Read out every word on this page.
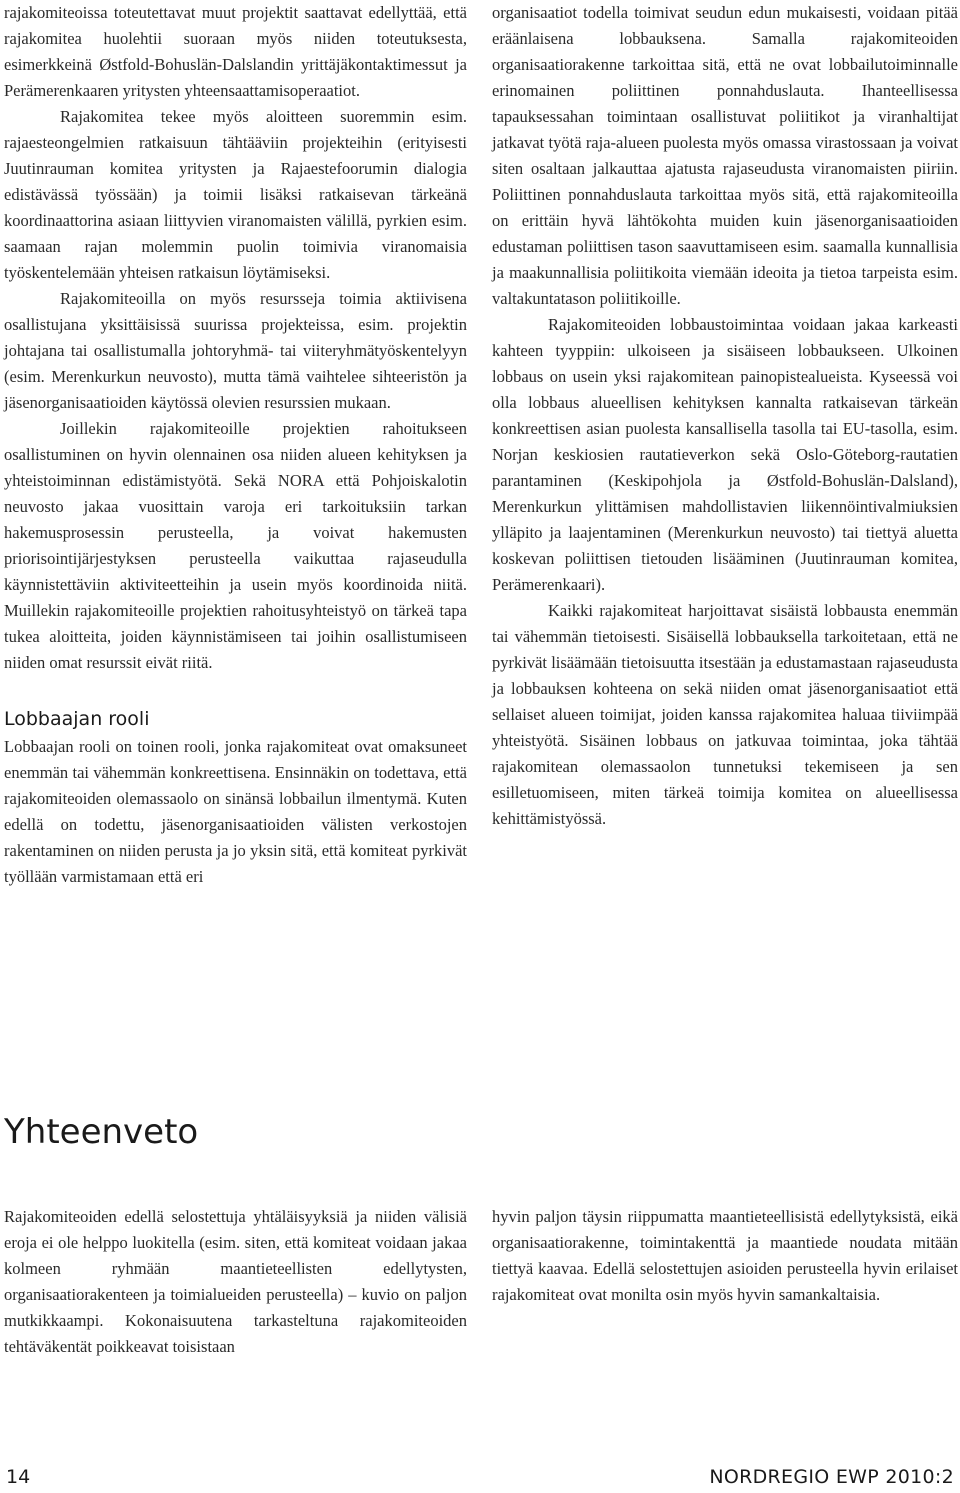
rajakomiteoissa toteutettavat muut projektit saattavat edellyttää, että rajakomitea huolehtii suoraan myös niiden toteutuksesta, esimerkkeinä Østfold-Bohuslän-Dalslandin yrittäjäkontaktimessut ja Perämerenkaaren yritysten yhteensaattamisoperaatiot.

Rajakomitea tekee myös aloitteen suoremmin esim. rajaesteongelmien ratkaisuun tähtääviin projekteihin (erityisesti Juutinrauman komitea yritysten ja Rajaestefoorumin dialogia edistävässä työssään) ja toimii lisäksi ratkaisevan tärkeänä koordinaattorina asiaan liittyvien viranomaisten välillä, pyrkien esim. saamaan rajan molemmin puolin toimivia viranomaisia työskentelemään yhteisen ratkaisun löytämiseksi.

Rajakomiteoilla on myös resursseja toimia aktiivisena osallistujana yksittäisissä suurissa projekteissa, esim. projektin johtajana tai osallistumalla johtoryhmä- tai viiteryhmätyöskentelyyn (esim. Merenkurkun neuvosto), mutta tämä vaihtelee sihteeristön ja jäsenorganisaatioiden käytössä olevien resurssien mukaan.

Joillekin rajakomiteoille projektien rahoitukseen osallistuminen on hyvin olennainen osa niiden alueen kehityksen ja yhteistoiminnan edistämistyötä. Sekä NORA että Pohjoiskalotin neuvosto jakaa vuosittain varoja eri tarkoituksiin tarkan hakemusprosessin perusteella, ja voivat hakemusten priorisointijärjestyksen perusteella vaikuttaa rajaseudulla käynnistettäviin aktiviteetteihin ja usein myös koordinoida niitä. Muillekin rajakomiteoille projektien rahoitusyhteistyö on tärkeä tapa tukea aloitteita, joiden käynnistämiseen tai joihin osallistumiseen niiden omat resurssit eivät riitä.

Lobbaajan rooli

Lobbaajan rooli on toinen rooli, jonka rajakomiteat ovat omaksuneet enemmän tai vähemmän konkreettisena. Ensinnäkin on todettava, että rajakomiteoiden olemassaolo on sinänsä lobbailun ilmentymä. Kuten edellä on todettu, jäsenorganisaatioiden välisten verkostojen rakentaminen on niiden perusta ja jo yksin sitä, että komiteat pyrkivät työllään varmistamaan että eri

organisaatiot todella toimivat seudun edun mukaisesti, voidaan pitää eräänlaisena lobbauksena. Samalla rajakomiteoiden organisaatiorakenne tarkoittaa sitä, että ne ovat lobbailutoiminnalle erinomainen poliittinen ponnahduslauta. Ihanteellisessa tapauksessahan toimintaan osallistuvat poliitikot ja viranhaltijat jatkavat työtä raja-alueen puolesta myös omassa virastossaan ja voivat siten osaltaan jalkauttaa ajatusta rajaseudusta viranomaisten piiriin. Poliittinen ponnahduslauta tarkoittaa myös sitä, että rajakomiteoilla on erittäin hyvä lähtökohta muiden kuin jäsenorganisaatioiden edustaman poliittisen tason saavuttamiseen esim. saamalla kunnallisia ja maakunnallisia poliitikoita viemään ideoita ja tietoa tarpeista esim. valtakuntatason poliitikoille.

Rajakomiteoiden lobbaustoimintaa voidaan jakaa karkeasti kahteen tyyppiin: ulkoiseen ja sisäiseen lobbaukseen. Ulkoinen lobbaus on usein yksi rajakomitean painopistealueista. Kyseessä voi olla lobbaus alueellisen kehityksen kannalta ratkaisevan tärkeän konkreettisen asian puolesta kansallisella tasolla tai EU-tasolla, esim. Norjan keskiosien rautatieverkon sekä Oslo-Göteborg-rautatien parantaminen (Keskipohjola ja Østfold-Bohuslän-Dalsland), Merenkurkun ylittämisen mahdollistavien liikennöintivalmiuksien ylläpito ja laajentaminen (Merenkurkun neuvosto) tai tiettyä aluetta koskevan poliittisen tietouden lisääminen (Juutinrauman komitea, Perämerenkaari).

Kaikki rajakomiteat harjoittavat sisäistä lobbausta enemmän tai vähemmän tietoisesti. Sisäisellä lobbauksella tarkoitetaan, että ne pyrkivät lisäämään tietoisuutta itsestään ja edustamastaan rajaseudusta ja lobbauksen kohteena on sekä niiden omat jäsenorganisaatiot että sellaiset alueen toimijat, joiden kanssa rajakomitea haluaa tiiviimpää yhteistyötä. Sisäinen lobbaus on jatkuvaa toimintaa, joka tähtää rajakomitean olemassaolon tunnetuksi tekemiseen ja sen esilletuomiseen, miten tärkeä toimija komitea on alueellisessa kehittämistyössä.

Yhteenveto

Rajakomiteoiden edellä selostettuja yhtäläisyyksiä ja niiden välisiä eroja ei ole helppo luokitella (esim. siten, että komiteat voidaan jakaa kolmeen ryhmään maantieteellisten edellytysten, organisaatiorakenteen ja toimialueiden perusteella) – kuvio on paljon mutkikkaampi. Kokonaisuutena tarkasteltuna rajakomiteoiden tehtäväkentät poikkeavat toisistaan

hyvin paljon täysin riippumatta maantieteellisistä edellytyksistä, eikä organisaatiorakenne, toimintakenttä ja maantiede noudata mitään tiettyä kaavaa. Edellä selostettujen asioiden perusteella hyvin erilaiset rajakomiteat ovat monilta osin myös hyvin samankaltaisia.

14	NORDREGIO EWP 2010:2
